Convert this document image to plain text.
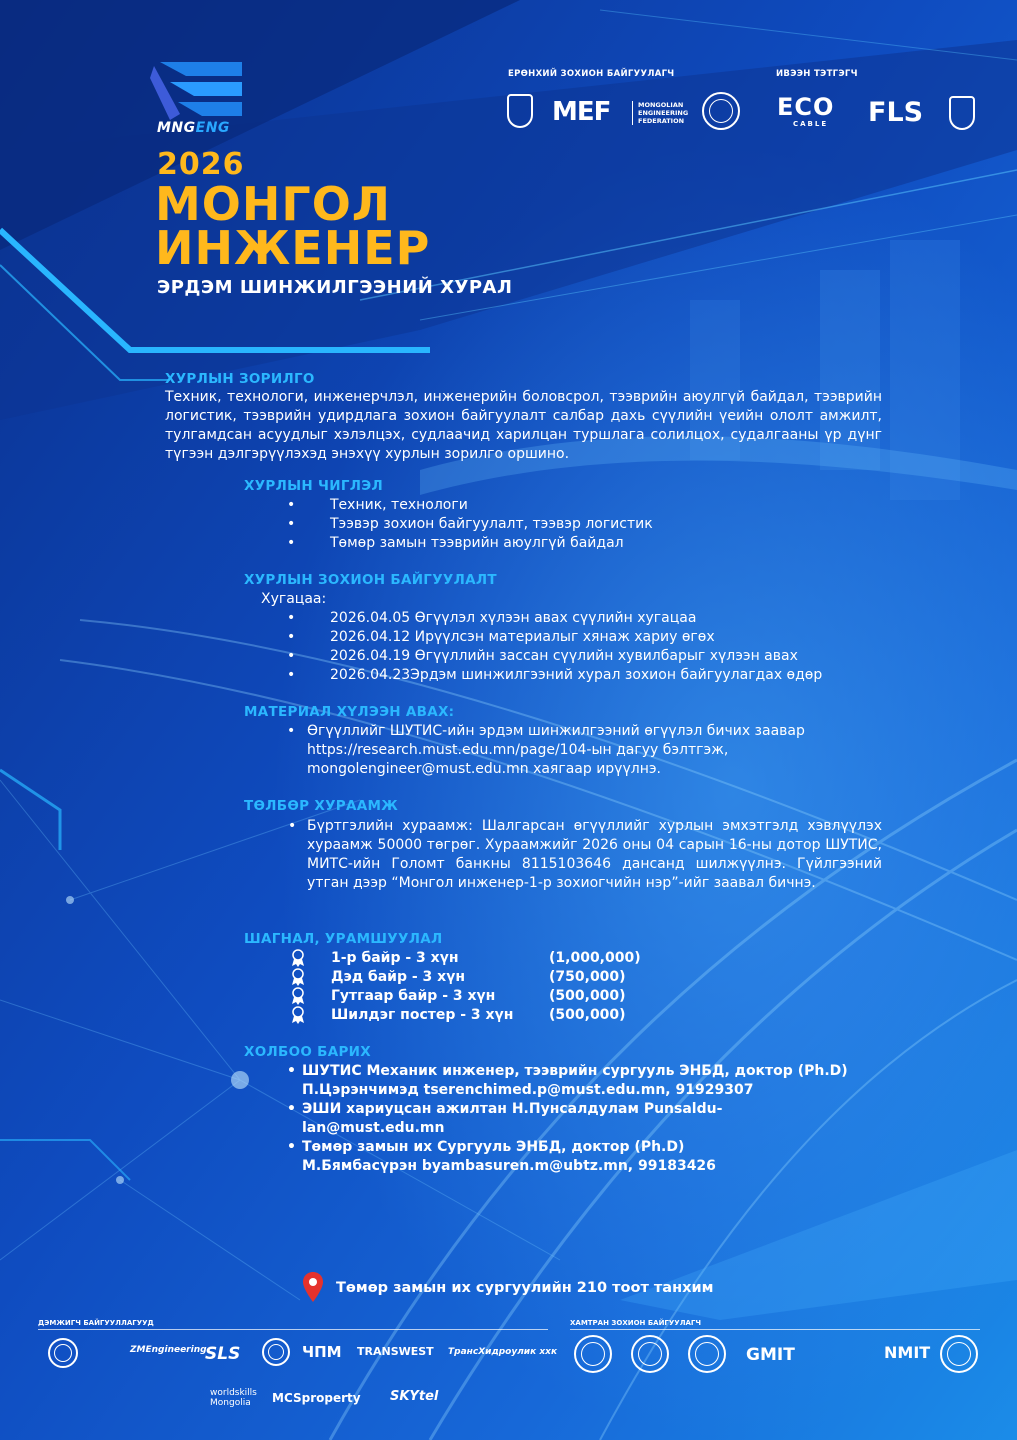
MNGENG
ЕРӨНХИЙ ЗОХИОН БАЙГУУЛАГЧ	ИВЭЭН ТЭТГЭГЧ
MEF	MONGOLIAN
ENGINEERING
FEDERATION	ECO
CABLE FLS
2026
МОНГОЛ
ИНЖЕНЕР
ЭРДЭМ ШИНЖИЛГЭЭНИЙ ХУРАЛ
ХУРЛЫН ЗОРИЛГО
Техник, технологи, инженерчлэл, инженерийн боловсрол, тээврийн аюулгүй байдал, тээврийн логистик, тээврийн удирдлага зохион байгуулалт салбар дахь сүүлийн үеийн ололт амжилт, тулгамдсан асуудлыг хэлэлцэх, судлаачид харилцан туршлага солилцох, судалгааны үр дүнг түгээн дэлгэрүүлэхэд энэхүү хурлын зорилго оршино.
ХУРЛЫН ЧИГЛЭЛ
•	Техник, технологи
•	Тээвэр зохион байгуулалт, тээвэр логистик
•	Төмөр замын тээврийн аюулгүй байдал
ХУРЛЫН ЗОХИОН БАЙГУУЛАЛТ
Хугацаа:
•	2026.04.05 Өгүүлэл хүлээн авах сүүлийн хугацаа
•	2026.04.12 Ирүүлсэн материалыг хянаж хариу өгөх
•	2026.04.19 Өгүүллийн зассан сүүлийн хувилбарыг хүлээн авах
•	2026.04.23Эрдэм шинжилгээний хурал зохион байгуулагдах өдөр
МАТЕРИАЛ ХҮЛЭЭН АВАХ:
• Өгүүллийг ШУТИС-ийн эрдэм шинжилгээний өгүүлэл бичих заавар
https://research.must.edu.mn/page/104-ын дагуу бэлтгэж,
mongolengineer@must.edu.mn хаягаар ирүүлнэ.
ТӨЛБӨР ХУРААМЖ
• Бүртгэлийн хураамж: Шалгарсан өгүүллийг хурлын эмхэтгэлд хэвлүүлэх хураамж 50000 төгрөг. Хураамжийг 2026 оны 04 сарын 16-ны дотор ШУТИС, МИТС-ийн Голомт банкны 8115103646 дансанд шилжүүлнэ. Гүйлгээний утган дээр “Монгол инженер-1-р зохиогчийн нэр”-ийг заавал бичнэ.
ШАГНАЛ, УРАМШУУЛАЛ
1-р байр - 3 хүн	(1,000,000)
Дэд байр - 3 хүн	(750,000)
Гутгаар байр - 3 хүн	(500,000)
Шилдэг постер - 3 хүн	(500,000)
ХОЛБОО БАРИХ
• ШУТИС Механик инженер, тээврийн сургууль ЭНБД, доктор (Ph.D)
П.Цэрэнчимэд tserenchimed.p@must.edu.mn, 91929307
• ЭШИ хариуцсан ажилтан Н.Пунсалдулам Punsaldu-
lan@must.edu.mn
• Төмөр замын их Сургууль ЭНБД, доктор (Ph.D)
М.Бямбасүрэн byambasuren.m@ubtz.mn, 99183426
Төмөр замын их сургуулийн 210 тоот танхим
ДЭМЖИГЧ БАЙГУУЛЛАГУУД	ХАМТРАН ЗОХИОН БАЙГУУЛАГЧ
ZMEngineering
SLS	ЧПМ TRANSWEST ТрансХидроулик ххк
worldskills Mongolia	MCSproperty SKYtel
GMIT	NMIT
